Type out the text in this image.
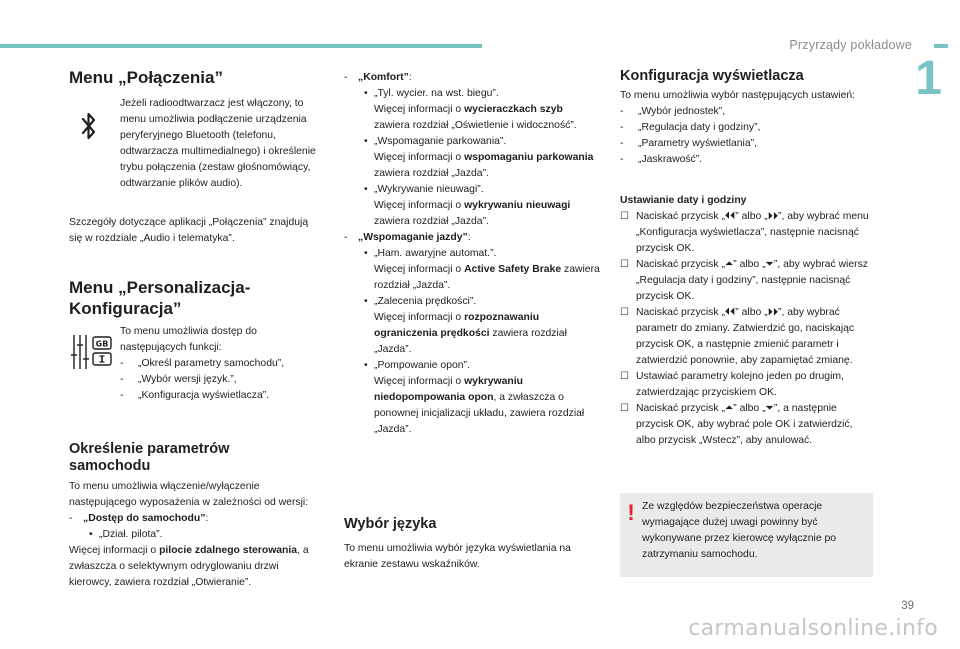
Przyrządy pokładowe
1
Menu „Połączenia”

Jeżeli radioodtwarzacz jest włączony, to menu umożliwia podłączenie urządzenia peryferyjnego Bluetooth (telefonu, odtwarzacza multimedialnego) i określenie trybu połączenia (zestaw głośnomówiący, odtwarzanie plików audio).

Szczegóły dotyczące aplikacji „Połączenia” znajdują się w rozdziale „Audio i telematyka”.

Menu „Personalizacja-
Konfiguracja”
GB

To menu umożliwia dostęp do następujących funkcji:

- „Określ parametry samochodu”,
- „Wybór wersji język.”,
- „Konfiguracja wyświetlacza”.
Określenie parametrów
samochodu

To menu umożliwia włączenie/wyłączenie następującego wyposażenia w zależności od wersji:

- „Dostęp do samochodu”:
• „Dział. pilota”.

Więcej informacji o pilocie zdalnego sterowania, a zwłaszcza o selektywnym odryglowaniu drzwi kierowcy, zawiera rozdział „Otwieranie”.

- „Komfort”:
• „Tyl. wycier. na wst. biegu”.
Więcej informacji o wycieraczkach szyb zawiera rozdział „Oświetlenie i widoczność”.
• „Wspomaganie parkowania”.
Więcej informacji o wspomaganiu parkowania zawiera rozdział „Jazda”.
• „Wykrywanie nieuwagi”.
Więcej informacji o wykrywaniu nieuwagi zawiera rozdział „Jazda”.
- „Wspomaganie jazdy”:
• „Ham. awaryjne automat.”.
Więcej informacji o Active Safety Brake zawiera rozdział „Jazda”.
• „Zalecenia prędkości”.
Więcej informacji o rozpoznawaniu ograniczenia prędkości zawiera rozdział „Jazda”.
• „Pompowanie opon”.
Więcej informacji o wykrywaniu niedopompowania opon, a zwłaszcza o ponownej inicjalizacji układu, zawiera rozdział „Jazda”.
Wybór języka

To menu umożliwia wybór języka wyświetlania na ekranie zestawu wskaźników.

Konfiguracja wyświetlacza

To menu umożliwia wybór następujących ustawień:

- „Wybór jednostek”,
- „Regulacja daty i godziny”,
- „Parametry wyświetlania”,
- „Jaskrawość”.

Ustawianie daty i godziny

☐ Naciskać przycisk „⏴⏴” albo „⏵⏵”, aby wybrać menu „Konfiguracja wyświetlacza”, następnie nacisnąć przycisk OK.
☐ Naciskać przycisk „⏶” albo „⏷”, aby wybrać wiersz „Regulacja daty i godziny”, następnie nacisnąć przycisk OK.
☐ Naciskać przycisk „⏴⏴” albo „⏵⏵”, aby wybrać parametr do zmiany. Zatwierdzić go, naciskając przycisk OK, a następnie zmienić parametr i zatwierdzić ponownie, aby zapamiętać zmianę.
☐ Ustawiać parametry kolejno jeden po drugim, zatwierdzając przyciskiem OK.
☐ Naciskać przycisk „⏶” albo „⏷”, a następnie przycisk OK, aby wybrać pole OK i zatwierdzić, albo przycisk „Wstecz”, aby anulować.
! Ze względów bezpieczeństwa operacje wymagające dużej uwagi powinny być wykonywane przez kierowcę wyłącznie po zatrzymaniu samochodu.
39
carmanualsonline.info
